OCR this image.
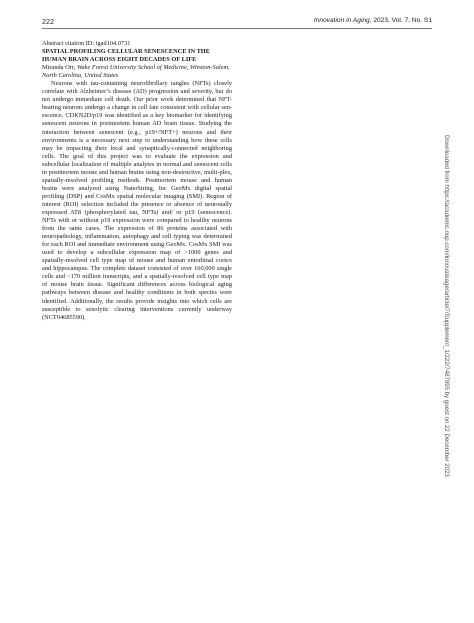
222	Innovation in Aging, 2023, Vol. 7, No. S1

Abstract citation ID: igad104.0731

SPATIAL PROFILING CELLULAR SENESCENCE IN THE HUMAN BRAIN ACROSS EIGHT DECADES OF LIFE

Miranda Orr, Wake Forest University School of Medicine, Winston-Salem, North Carolina, United States

Neurons with tau-containing neurofibrillary tangles (NFTs) closely correlate with Alzheimer’s disease (AD) progression and severity, but do not undergo immediate cell death. Our prior work determined that NFT-bearing neurons undergo a change in cell fate consistent with cellular senescence. CDKN2D/p19 was identified as a key biomarker for identifying senescent neurons in postmortem human AD brain tissue. Studying the interaction between senescent (e.g., p19+/NFT+) neurons and their environments is a necessary next step to understanding how these cells may be impacting their local and synaptically-connected neighboring cells. The goal of this project was to evaluate the expression and subcellular localization of multiple analytes in normal and senescent cells in postmortem mouse and human brains using non-destructive, multi-plex, spatially-resolved profiling methods. Postmortem mouse and human brains were analyzed using NanoString, Inc GeoMx digital spatial profiling (DSP) and CosMx spatial molecular imaging (SMI). Region of interest (ROI) selection included the presence or absence of neuronally expressed AT8 (phosphorylated tau, NFTs) and/ or p19 (senescence). NFTs with or without p19 expression were compared to healthy neurons from the same cases. The expression of 86 proteins associated with neuropathology, inflammation, autophagy and cell typing was determined for each ROI and immediate environment using GeoMx. CosMx SMI was used to develop a subcellular expression map of >1000 genes and spatially-resolved cell type map of mouse and human entorhinal cortex and hippocampus. The complete dataset consisted of over 160,000 single cells and ~170 million transcripts, and a spatially-resolved cell type map of mouse brain tissue. Significant differences across biological aging pathways between disease and healthy conditions in both species were identified. Additionally, the results provide insights into which cells are susceptible to senolytic clearing interventions currently underway (NCT04685590).	Downloaded from https://academic.oup.com/innovateage/article/7/Supplement_1/222/7487995 by guest on 22 December 2023
